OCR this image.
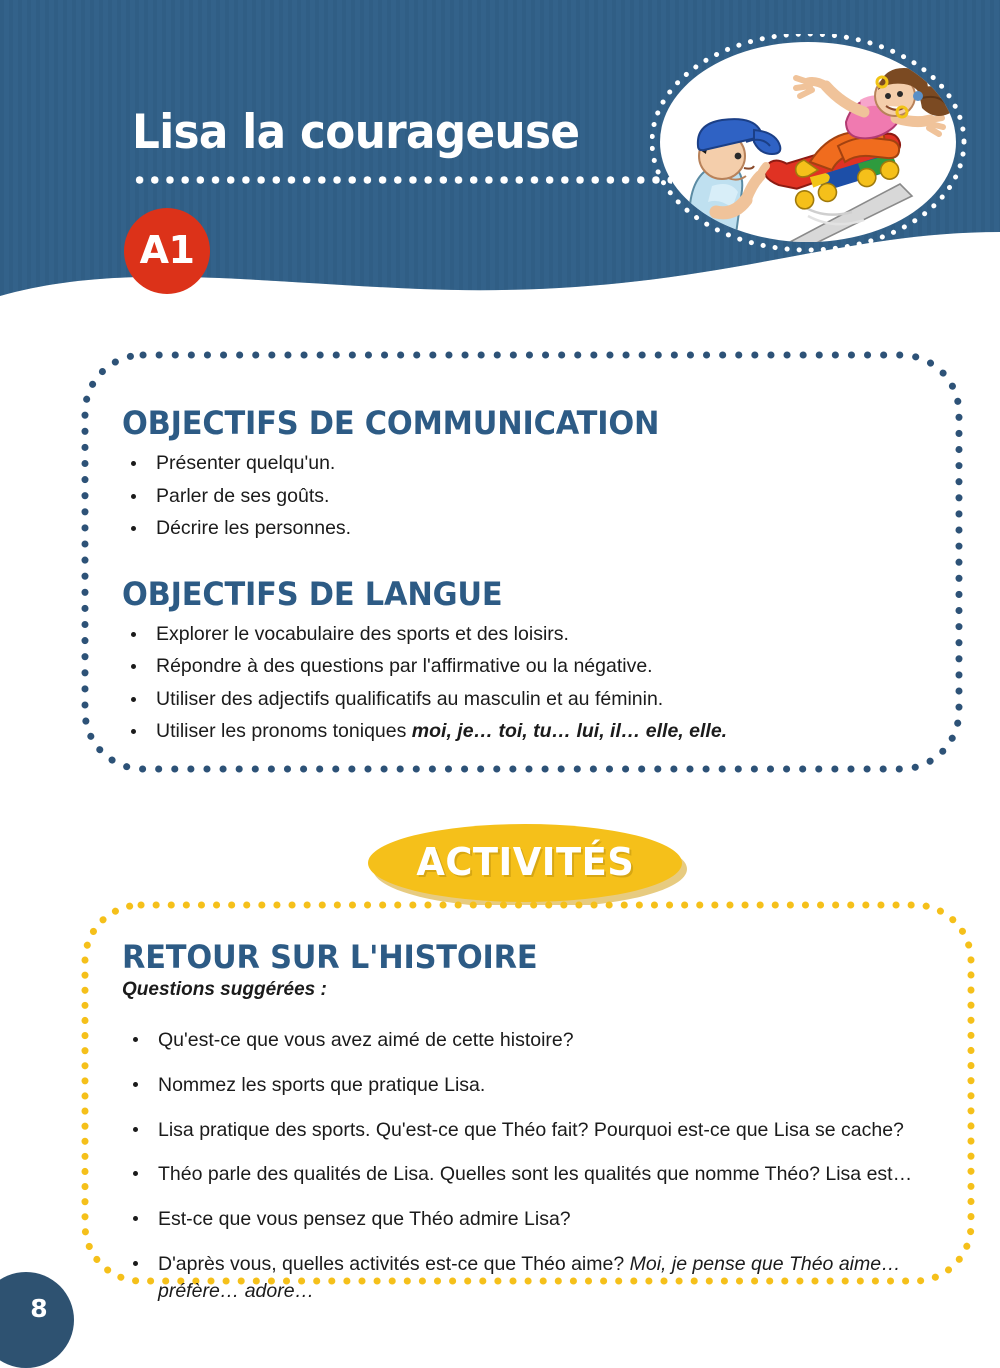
Lisa la courageuse
A1
OBJECTIFS DE COMMUNICATION
Présenter quelqu'un.
Parler de ses goûts.
Décrire les personnes.
OBJECTIFS DE LANGUE
Explorer le vocabulaire des sports et des loisirs.
Répondre à des questions par l'affirmative ou la négative.
Utiliser des adjectifs qualificatifs au masculin et au féminin.
Utiliser les pronoms toniques moi, je… toi, tu… lui, il… elle, elle.
ACTIVITÉS
RETOUR SUR L'HISTOIRE

Questions suggérées :

Qu'est-ce que vous avez aimé de cette histoire?
Nommez les sports que pratique Lisa.
Lisa pratique des sports. Qu'est-ce que Théo fait? Pourquoi est-ce que Lisa se cache?
Théo parle des qualités de Lisa. Quelles sont les qualités que nomme Théo? Lisa est…
Est-ce que vous pensez que Théo admire Lisa?
D'après vous, quelles activités est-ce que Théo aime? Moi, je pense que Théo aime… préfère… adore…
8
